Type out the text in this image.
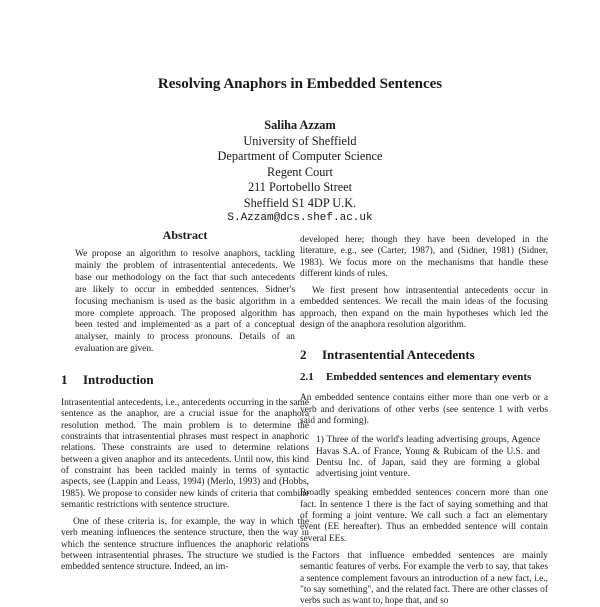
Resolving Anaphors in Embedded Sentences
Saliha Azzam
University of Sheffield
Department of Computer Science
Regent Court
211 Portobello Street
Sheffield S1 4DP U.K.
S.Azzam@dcs.shef.ac.uk
Abstract

We propose an algorithm to resolve anaphors, tackling mainly the problem of intrasentential antecedents. We base our methodology on the fact that such antecedents are likely to occur in embedded sentences. Sidner's focusing mechanism is used as the basic algorithm in a more complete approach. The proposed algorithm has been tested and implemented as a part of a conceptual analyser, mainly to process pronouns. Details of an evaluation are given.

1 Introduction

Intrasentential antecedents, i.e., antecedents occurring in the same sentence as the anaphor, are a crucial issue for the anaphora resolution method. The main problem is to determine the constraints that intrasentential phrases must respect in anaphoric relations. These constraints are used to determine relations between a given anaphor and its antecedents. Until now, this kind of constraint has been tackled mainly in terms of syntactic aspects, see (Lappin and Leass, 1994) (Merlo, 1993) and (Hobbs, 1985). We propose to consider new kinds of criteria that combine semantic restrictions with sentence structure.

One of these criteria is, for example, the way in which the verb meaning influences the sentence structure, then the way in which the sentence structure influences the anaphoric relations between intrasentential phrases. The structure we studied is the embedded sentence structure. Indeed, an im-

developed here; though they have been developed in the literature, e.g., see (Carter, 1987), and (Sidner, 1981) (Sidner, 1983). We focus more on the mechanisms that handle these different kinds of rules.

We first present how intrasentential antecedents occur in embedded sentences. We recall the main ideas of the focusing approach, then expand on the main hypotheses which led the design of the anaphora resolution algorithm.

2 Intrasentential Antecedents
2.1	Embedded sentences and elementary events

An embedded sentence contains either more than one verb or a verb and derivations of other verbs (see sentence 1 with verbs said and forming).

1) Three of the world's leading advertising groups, Agence Havas S.A. of France, Young & Rubicam of the U.S. and Dentsu Inc. of Japan, said they are forming a global advertising joint venture.

Broadly speaking embedded sentences concern more than one fact. In sentence 1 there is the fact of saying something and that of forming a joint venture. We call such a fact an elementary event (EE hereafter). Thus an embedded sentence will contain several EEs.

Factors that influence embedded sentences are mainly semantic features of verbs. For example the verb to say, that takes a sentence complement favours an introduction of a new fact, i.e., "to say something", and the related fact. There are other classes of verbs such as want to, hope that, and so
